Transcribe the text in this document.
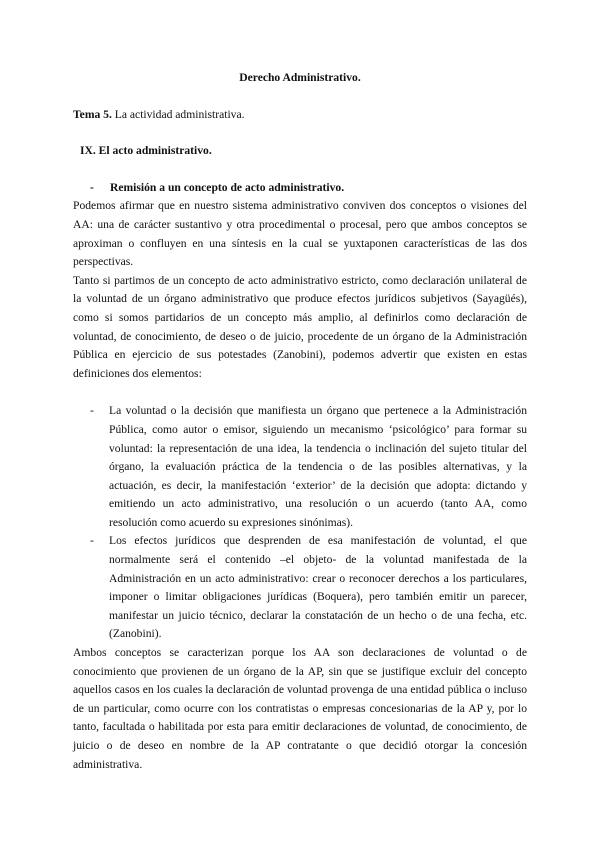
Derecho Administrativo.

Tema 5. La actividad administrativa.

IX. El acto administrativo.

-	Remisión a un concepto de acto administrativo.

Podemos afirmar que en nuestro sistema administrativo conviven dos conceptos o visiones del AA: una de carácter sustantivo y otra procedimental o procesal, pero que ambos conceptos se aproximan o confluyen en una síntesis en la cual se yuxtaponen características de las dos perspectivas.

Tanto si partimos de un concepto de acto administrativo estricto, como declaración unilateral de la voluntad de un órgano administrativo que produce efectos jurídicos subjetivos (Sayagüés), como si somos partidarios de un concepto más amplio, al definirlos como declaración de voluntad, de conocimiento, de deseo o de juicio, procedente de un órgano de la Administración Pública en ejercicio de sus potestades (Zanobini), podemos advertir que existen en estas definiciones dos elementos:

-	La voluntad o la decisión que manifiesta un órgano que pertenece a la Administración Pública, como autor o emisor, siguiendo un mecanismo ‘psicológico’ para formar su voluntad: la representación de una idea, la tendencia o inclinación del sujeto titular del órgano, la evaluación práctica de la tendencia o de las posibles alternativas, y la actuación, es decir, la manifestación ‘exterior’ de la decisión que adopta: dictando y emitiendo un acto administrativo, una resolución o un acuerdo (tanto AA, como resolución como acuerdo su expresiones sinónimas).
-	Los efectos jurídicos que desprenden de esa manifestación de voluntad, el que normalmente será el contenido –el objeto- de la voluntad manifestada de la Administración en un acto administrativo: crear o reconocer derechos a los particulares, imponer o limitar obligaciones jurídicas (Boquera), pero también emitir un parecer, manifestar un juicio técnico, declarar la constatación de un hecho o de una fecha, etc. (Zanobini).

Ambos conceptos se caracterizan porque los AA son declaraciones de voluntad o de conocimiento que provienen de un órgano de la AP, sin que se justifique excluir del concepto aquellos casos en los cuales la declaración de voluntad provenga de una entidad pública o incluso de un particular, como ocurre con los contratistas o empresas concesionarias de la AP y, por lo tanto, facultada o habilitada por esta para emitir declaraciones de voluntad, de conocimiento, de juicio o de deseo en nombre de la AP contratante o que decidió otorgar la concesión administrativa.
